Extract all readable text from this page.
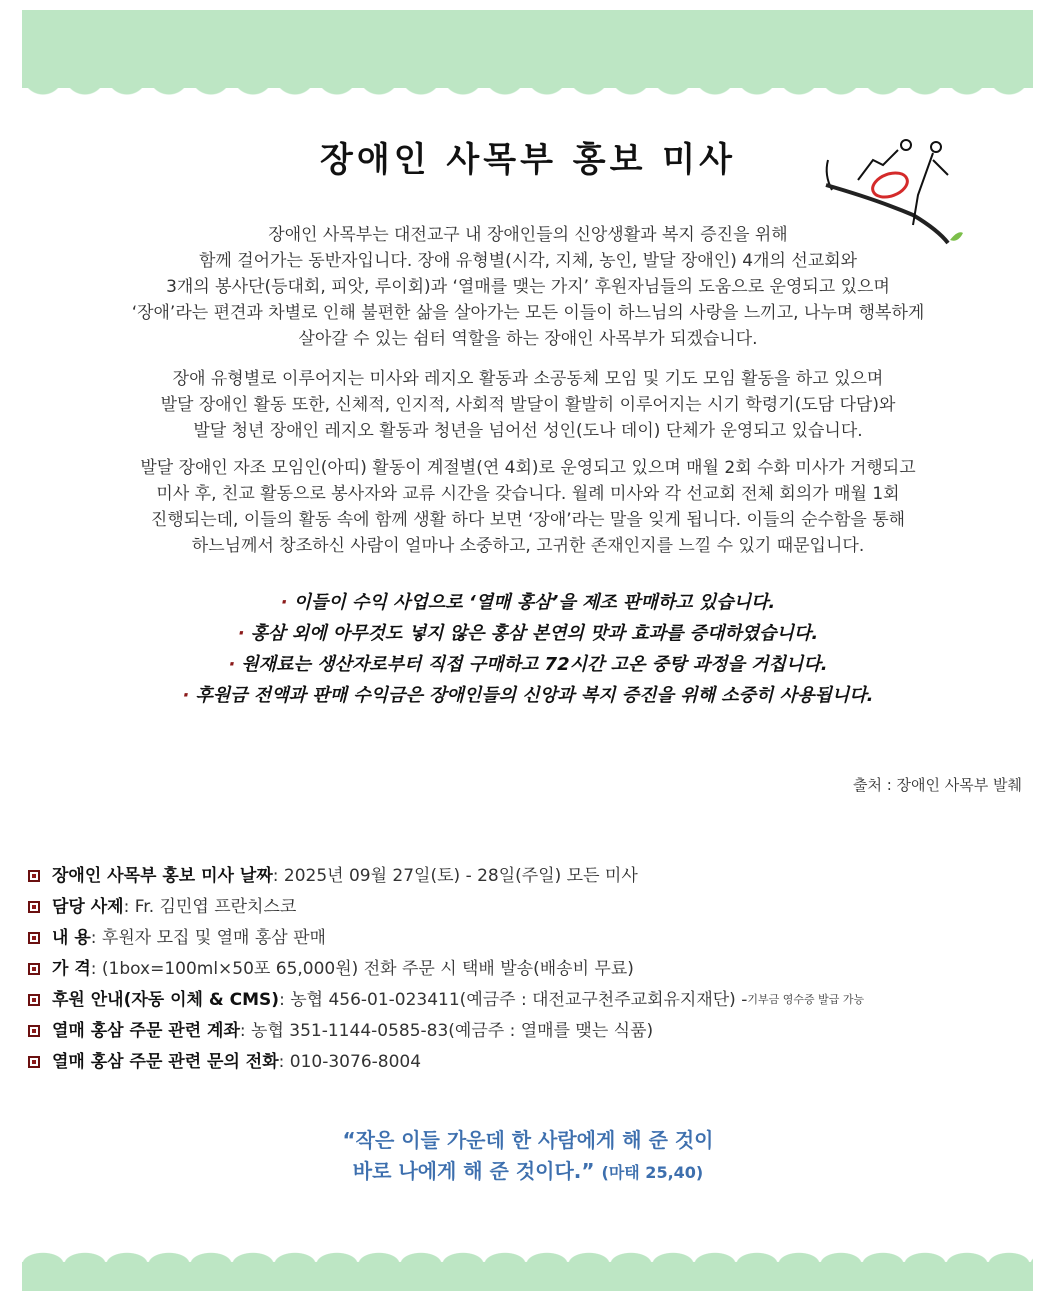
장애인 사목부 홍보 미사
장애인 사목부는 대전교구 내 장애인들의 신앙생활과 복지 증진을 위해
함께 걸어가는 동반자입니다. 장애 유형별(시각, 지체, 농인, 발달 장애인) 4개의 선교회와
3개의 봉사단(등대회, 피앗, 루이회)과 ‘열매를 맺는 가지’ 후원자님들의 도움으로 운영되고 있으며
‘장애’라는 편견과 차별로 인해 불편한 삶을 살아가는 모든 이들이 하느님의 사랑을 느끼고, 나누며 행복하게
살아갈 수 있는 쉼터 역할을 하는 장애인 사목부가 되겠습니다.
장애 유형별로 이루어지는 미사와 레지오 활동과 소공동체 모임 및 기도 모임 활동을 하고 있으며
발달 장애인 활동 또한, 신체적, 인지적, 사회적 발달이 활발히 이루어지는 시기 학령기(도담 다담)와
발달 청년 장애인 레지오 활동과 청년을 넘어선 성인(도나 데이) 단체가 운영되고 있습니다.
발달 장애인 자조 모임인(아띠) 활동이 계절별(연 4회)로 운영되고 있으며 매월 2회 수화 미사가 거행되고
미사 후, 친교 활동으로 봉사자와 교류 시간을 갖습니다. 월례 미사와 각 선교회 전체 회의가 매월 1회
진행되는데, 이들의 활동 속에 함께 생활 하다 보면 ‘장애’라는 말을 잊게 됩니다. 이들의 순수함을 통해
하느님께서 창조하신 사람이 얼마나 소중하고, 고귀한 존재인지를 느낄 수 있기 때문입니다.
· 이들이 수익 사업으로 ‘열매 홍삼’을 제조 판매하고 있습니다.
· 홍삼 외에 아무것도 넣지 않은 홍삼 본연의 맛과 효과를 증대하였습니다.
· 원재료는 생산자로부터 직접 구매하고 72시간 고온 중탕 과정을 거칩니다.
· 후원금 전액과 판매 수익금은 장애인들의 신앙과 복지 증진을 위해 소중히 사용됩니다.
출처 : 장애인 사목부 발췌
장애인 사목부 홍보 미사 날짜 : 2025년 09월 27일(토) - 28일(주일) 모든 미사
담당 사제 : Fr. 김민엽 프란치스코
내 용 : 후원자 모집 및 열매 홍삼 판매
가 격 : (1box=100ml×50포 65,000원) 전화 주문 시 택배 발송(배송비 무료)
후원 안내(자동 이체 & CMS) : 농협 456-01-023411(예금주 : 대전교구천주교회유지재단) - 기부금 영수증 발급 가능
열매 홍삼 주문 관련 계좌 : 농협 351-1144-0585-83(예금주 : 열매를 맺는 식품)
열매 홍삼 주문 관련 문의 전화 : 010-3076-8004
“작은 이들 가운데 한 사람에게 해 준 것이
바로 나에게 해 준 것이다.” (마태 25,40)
